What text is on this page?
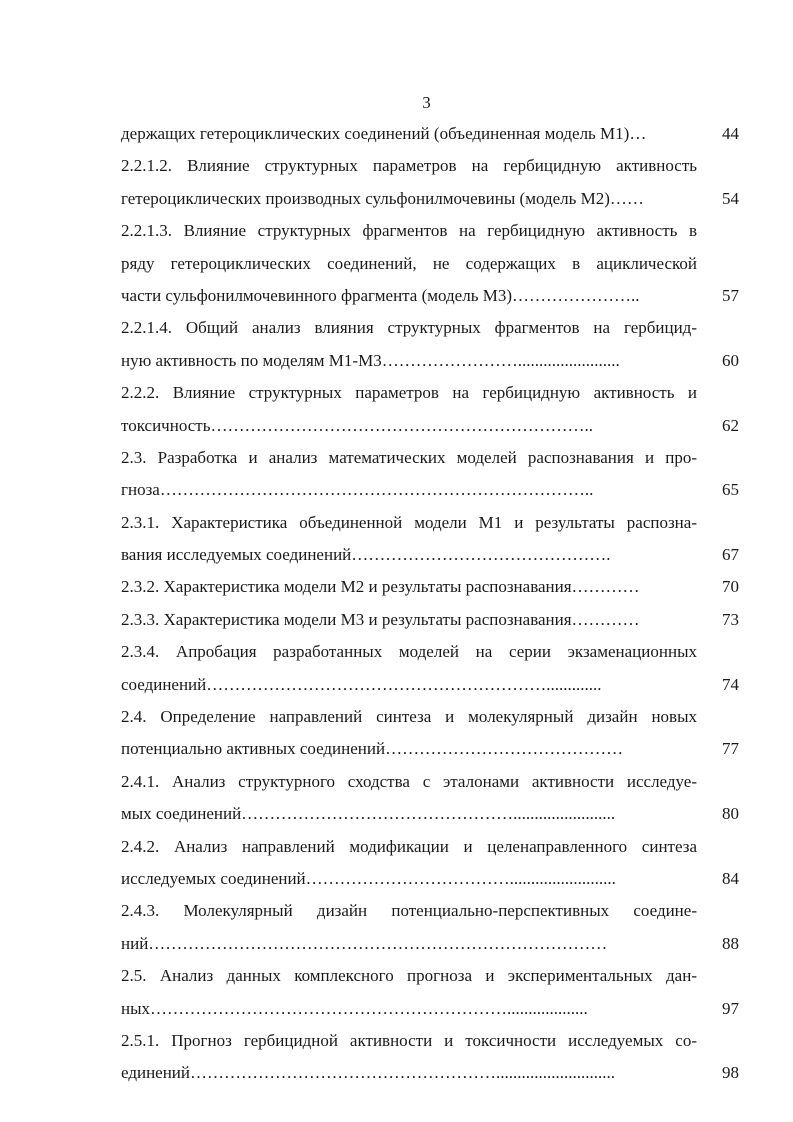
3
держащих гетероциклических соединений (объединенная модель М1)…	44
2.2.1.2. Влияние структурных параметров на гербицидную активность
гетероциклических производных сульфонилмочевины (модель М2)……	54
2.2.1.3. Влияние структурных фрагментов на гербицидную активность в
ряду гетероциклических соединений, не содержащих в ациклической
части сульфонилмочевинного фрагмента (модель М3)…………………..	57
2.2.1.4. Общий анализ влияния структурных фрагментов на гербицид-
ную активность по моделям М1-М3……………………........................	60
2.2.2. Влияние структурных параметров на гербицидную активность и
токсичность…………………………………………………………..	62
2.3. Разработка и анализ математических моделей распознавания и про-
гноза…………………………………………………………………..	65
2.3.1. Характеристика объединенной модели М1 и результаты распозна-
вания исследуемых соединений……………………………………….	67
2.3.2. Характеристика модели М2 и результаты распознавания…………	70
2.3.3. Характеристика модели М3 и результаты распознавания…………	73
2.3.4. Апробация разработанных моделей на серии экзаменационных
соединений…………………………………………………….............	74
2.4. Определение направлений синтеза и молекулярный дизайн новых
потенциально активных соединений……………………………………	77
2.4.1. Анализ структурного сходства с эталонами активности исследуе-
мых соединений…………………………………………........................	80
2.4.2. Анализ направлений модификации и целенаправленного синтеза
исследуемых соединений……………………………….........................	84
2.4.3. Молекулярный дизайн потенциально-перспективных соедине-
ний………………………………………………………………………	88
2.5. Анализ данных комплексного прогноза и экспериментальных дан-
ных………………………………………………………...................	97
2.5.1. Прогноз гербицидной активности и токсичности исследуемых со-
единений………………………………………………............................	98
